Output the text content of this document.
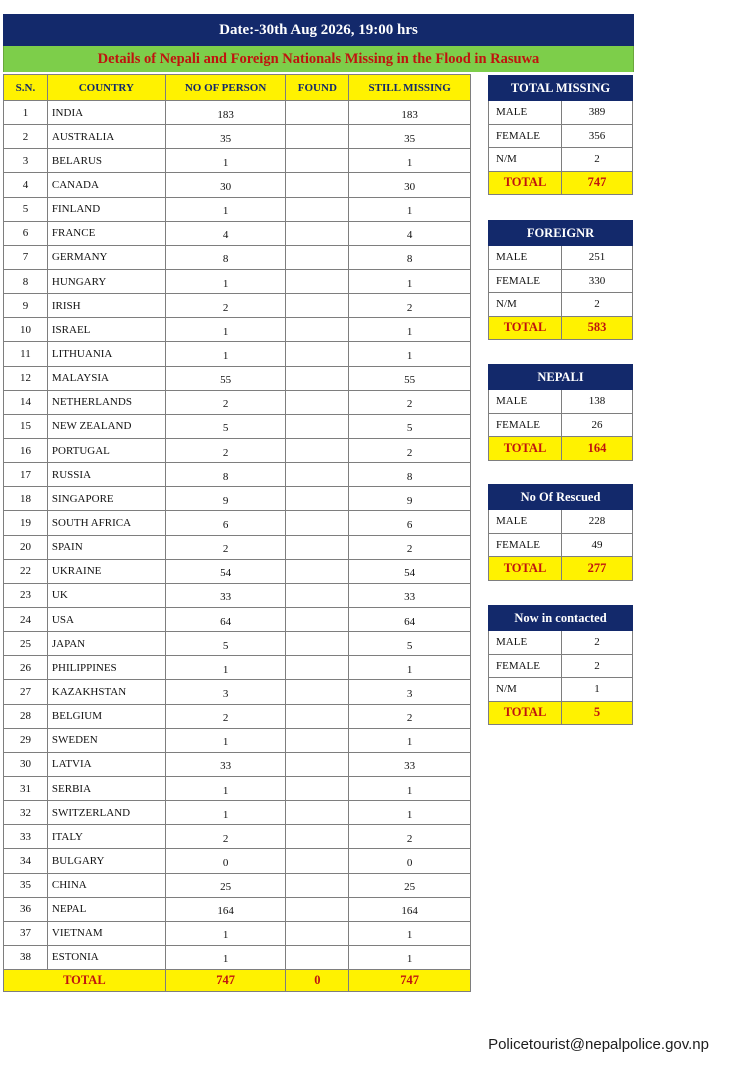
Date:-30th Aug 2026, 19:00 hrs
Details of Nepali and Foreign Nationals Missing in the Flood in Rasuwa
S.N.	COUNTRY	NO OF PERSON	FOUND	STILL MISSING
1	INDIA	183		183
2	AUSTRALIA	35		35
3	BELARUS	1		1
4	CANADA	30		30
5	FINLAND	1		1
6	FRANCE	4		4
7	GERMANY	8		8
8	HUNGARY	1		1
9	IRISH	2		2
10	ISRAEL	1		1
11	LITHUANIA	1		1
12	MALAYSIA	55		55
14	NETHERLANDS	2		2
15	NEW ZEALAND	5		5
16	PORTUGAL	2		2
17	RUSSIA	8		8
18	SINGAPORE	9		9
19	SOUTH AFRICA	6		6
20	SPAIN	2		2
22	UKRAINE	54		54
23	UK	33		33
24	USA	64		64
25	JAPAN	5		5
26	PHILIPPINES	1		1
27	KAZAKHSTAN	3		3
28	BELGIUM	2		2
29	SWEDEN	1		1
30	LATVIA	33		33
31	SERBIA	1		1
32	SWITZERLAND	1		1
33	ITALY	2		2
34	BULGARY	0		0
35	CHINA	25		25
36	NEPAL	164		164
37	VIETNAM	1		1
38	ESTONIA	1		1
TOTAL		747	0	747
TOTAL MISSING	
MALE	389
FEMALE	356
N/M	2
TOTAL	747
FOREIGNR	
MALE	251
FEMALE	330
N/M	2
TOTAL	583
NEPALI	
MALE	138
FEMALE	26
TOTAL	164
No Of Rescued	
MALE	228
FEMALE	49
TOTAL	277
Now in contacted	
MALE	2
FEMALE	2
N/M	1
TOTAL	5
Policetourist@nepalpolice.gov.np
